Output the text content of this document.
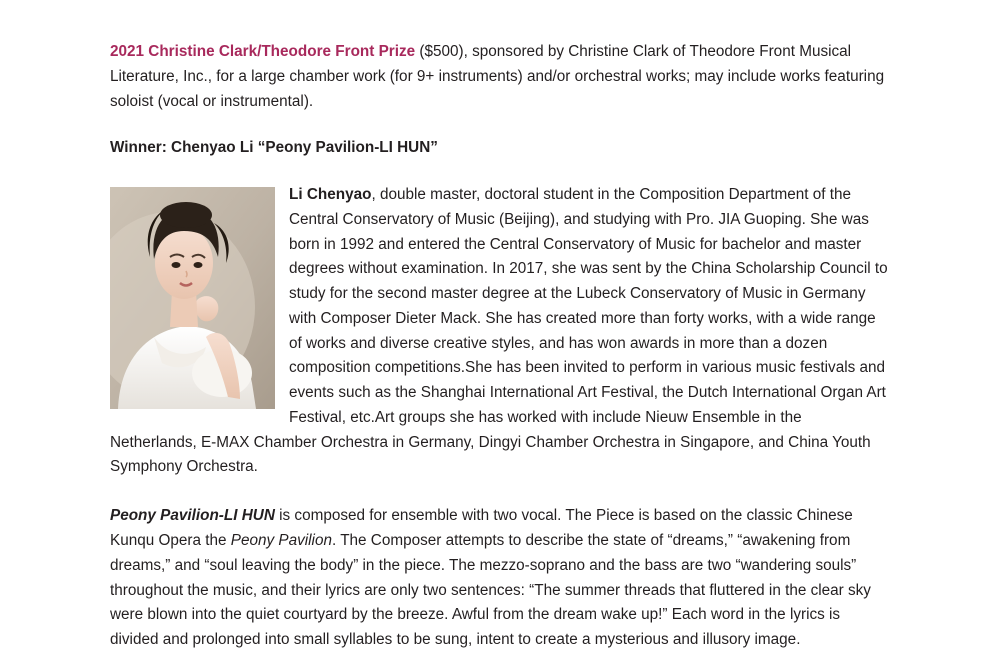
2021 Christine Clark/Theodore Front Prize ($500), sponsored by Christine Clark of Theodore Front Musical Literature, Inc., for a large chamber work (for 9+ instruments) and/or orchestral works; may include works featuring soloist (vocal or instrumental).

Winner: Chenyao Li “Peony Pavilion-LI HUN”

Li Chenyao, double master, doctoral student in the Composition Department of the Central Conservatory of Music (Beijing), and studying with Pro. JIA Guoping. She was born in 1992 and entered the Central Conservatory of Music for bachelor and master degrees without examination. In 2017, she was sent by the China Scholarship Council to study for the second master degree at the Lubeck Conservatory of Music in Germany with Composer Dieter Mack. She has created more than forty works, with a wide range of works and diverse creative styles, and has won awards in more than a dozen composition competitions.She has been invited to perform in various music festivals and events such as the Shanghai International Art Festival, the Dutch International Organ Art Festival, etc.Art groups she has worked with include Nieuw Ensemble in the Netherlands, E-MAX Chamber Orchestra in Germany, Dingyi Chamber Orchestra in Singapore, and China Youth Symphony Orchestra.

Peony Pavilion-LI HUN is composed for ensemble with two vocal. The Piece is based on the classic Chinese Kunqu Opera the Peony Pavilion. The Composer attempts to describe the state of “dreams,” “awakening from dreams,” and “soul leaving the body” in the piece. The mezzo-soprano and the bass are two “wandering souls” throughout the music, and their lyrics are only two sentences: “The summer threads that fluttered in the clear sky were blown into the quiet courtyard by the breeze. Awful from the dream wake up!” Each word in the lyrics is divided and prolonged into small syllables to be sung, intent to create a mysterious and illusory image.
